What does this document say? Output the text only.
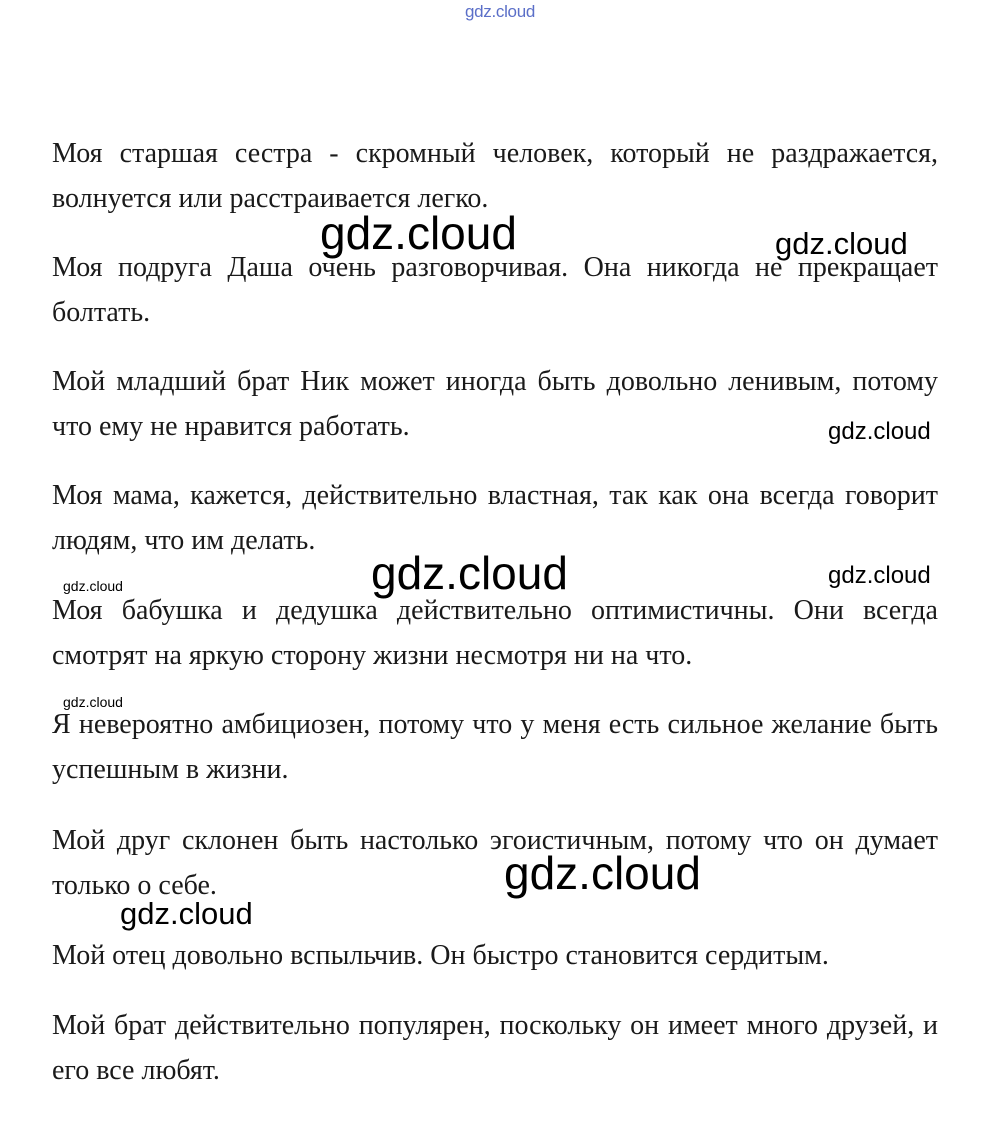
gdz.cloud

Моя старшая сестра - скромный человек, который не раздражается, волнуется или расстраивается легко.

Моя подруга Даша очень разговорчивая. Она никогда не прекращает болтать.

Мой младший брат Ник может иногда быть довольно ленивым, потому что ему не нравится работать.

Моя мама, кажется, действительно властная, так как она всегда говорит людям, что им делать.

Моя бабушка и дедушка действительно оптимистичны. Они всегда смотрят на яркую сторону жизни несмотря ни на что.

Я невероятно амбициозен, потому что у меня есть сильное желание быть успешным в жизни.

Мой друг склонен быть настолько эгоистичным, потому что он думает только о себе.

Мой отец довольно вспыльчив. Он быстро становится сердитым.

Мой брат действительно популярен, поскольку он имеет много друзей, и его все любят.

gdz.cloud	gdz.cloud
gdz.cloud
gdz.cloud	gdz.cloud
gdz.cloud
gdz.cloud
gdz.cloud
gdz.cloud
